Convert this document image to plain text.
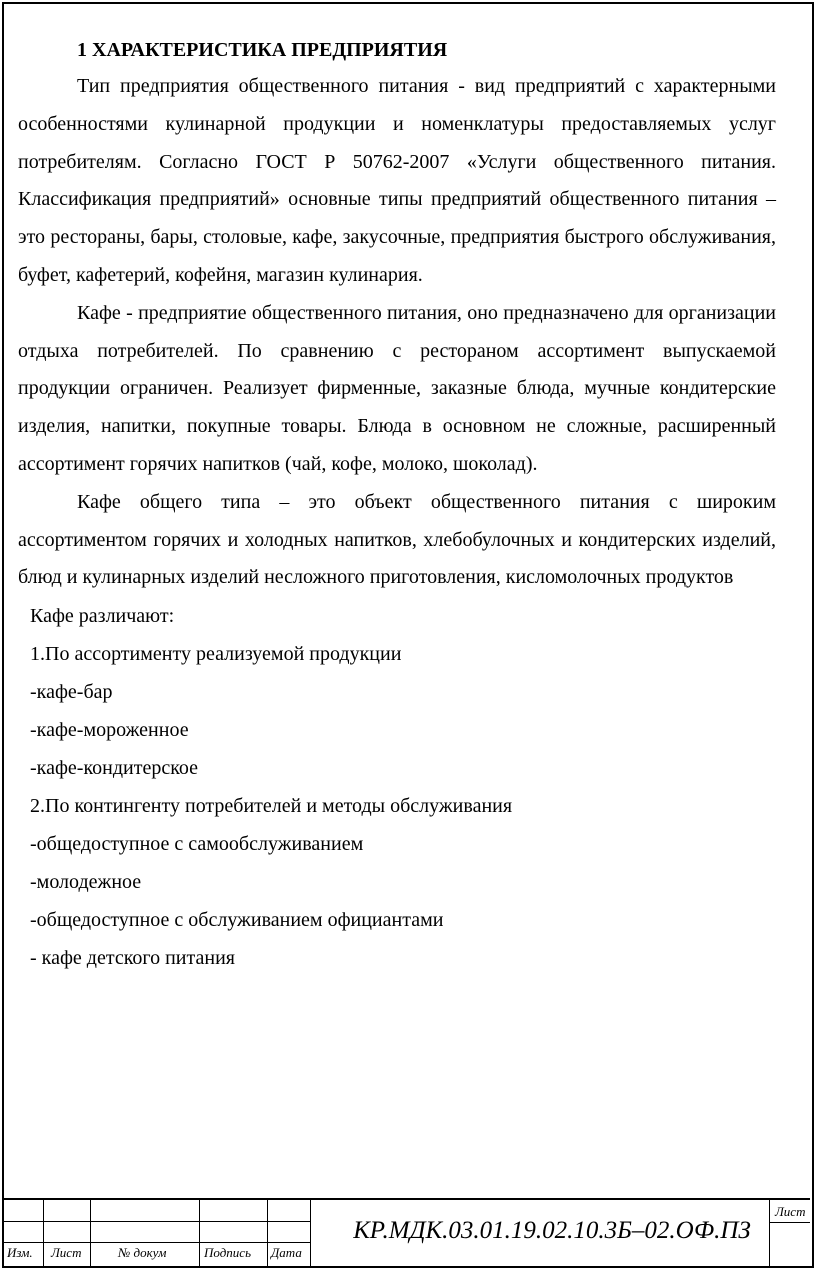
1 ХАРАКТЕРИСТИКА ПРЕДПРИЯТИЯ

Тип предприятия общественного питания - вид предприятий с характерными особенностями кулинарной продукции и номенклатуры предоставляемых услуг потребителям. Согласно ГОСТ Р 50762-2007 «Услуги общественного питания. Классификация предприятий» основные типы предприятий общественного питания – это рестораны, бары, столовые, кафе, закусочные, предприятия быстрого обслуживания, буфет, кафетерий, кофейня, магазин кулинария.

Кафе - предприятие общественного питания, оно предназначено для организации отдыха потребителей. По сравнению с рестораном ассортимент выпускаемой продукции ограничен. Реализует фирменные, заказные блюда, мучные кондитерские изделия, напитки, покупные товары. Блюда в основном не сложные, расширенный ассортимент горячих напитков (чай, кофе, молоко, шоколад).

Кафе общего типа – это объект общественного питания с широким ассортиментом горячих и холодных напитков, хлебобулочных и кондитерских изделий, блюд и кулинарных изделий несложного приготовления, кисломолочных продуктов

Кафе различают:
1.По ассортименту реализуемой продукции
-кафе-бар
-кафе-мороженное
-кафе-кондитерское
2.По контингенту потребителей и методы обслуживания
-общедоступное с самообслуживанием
-молодежное
-общедоступное с обслуживанием официантами
- кафе детского питания
Изм. Лист	№ докум	Подпись Дата
Лист
КР.МДК.03.01.19.02.10.3Б–02.ОФ.ПЗ
